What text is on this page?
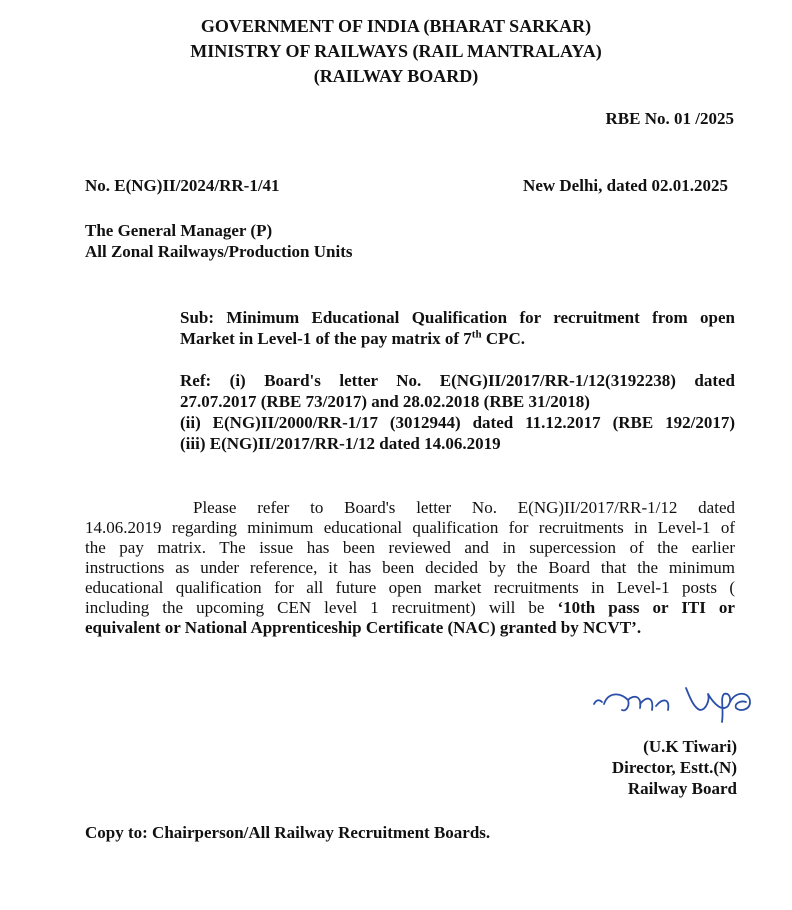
GOVERNMENT OF INDIA (BHARAT SARKAR)
MINISTRY OF RAILWAYS (RAIL MANTRALAYA)
(RAILWAY BOARD)
RBE No. 01 /2025
No. E(NG)II/2024/RR-1/41	New Delhi, dated 02.01.2025
The General Manager (P)
All Zonal Railways/Production Units
Sub: Minimum Educational Qualification for recruitment from open
Market in Level-1 of the pay matrix of 7th CPC.
Ref: (i) Board's letter No. E(NG)II/2017/RR-1/12(3192238) dated
27.07.2017 (RBE 73/2017) and 28.02.2018 (RBE 31/2018)
(ii) E(NG)II/2000/RR-1/17 (3012944) dated 11.12.2017 (RBE 192/2017)
(iii) E(NG)II/2017/RR-1/12 dated 14.06.2019
Please refer to Board's letter No. E(NG)II/2017/RR-1/12 dated
14.06.2019 regarding minimum educational qualification for recruitments in Level-1 of
the pay matrix. The issue has been reviewed and in supercession of the earlier
instructions as under reference, it has been decided by the Board that the minimum
educational qualification for all future open market recruitments in Level-1 posts (
including the upcoming CEN level 1 recruitment) will be ‘10th pass or ITI or
equivalent or National Apprenticeship Certificate (NAC) granted by NCVT’.
(U.K Tiwari)
Director, Estt.(N)
Railway Board
Copy to: Chairperson/All Railway Recruitment Boards.
